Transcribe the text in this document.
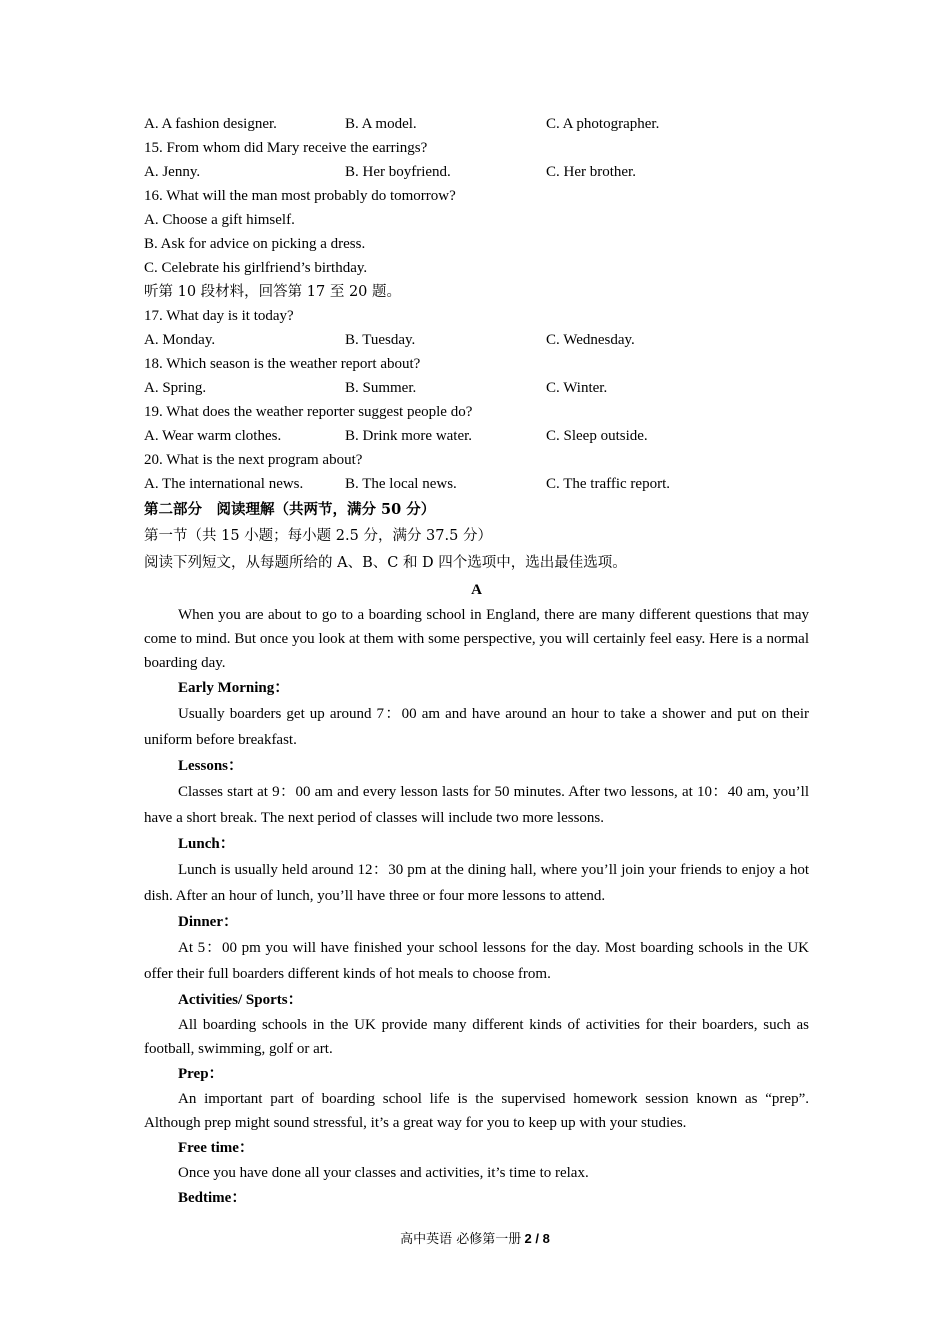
A. A fashion designer.	B. A model.	C. A photographer.
15. From whom did Mary receive the earrings?
A. Jenny.	B. Her boyfriend.	C. Her brother.
16. What will the man most probably do tomorrow?
A. Choose a gift himself.
B. Ask for advice on picking a dress.
C. Celebrate his girlfriend’s birthday.
听第 10 段材料，回答第 17 至 20 题。
17. What day is it today?
A. Monday.	B. Tuesday.	C. Wednesday.
18. Which season is the weather report about?
A. Spring.	B. Summer.	C. Winter.
19. What does the weather reporter suggest people do?
A. Wear warm clothes.	B. Drink more water.	C. Sleep outside.
20. What is the next program about?
A. The international news.	B. The local news.	C. The traffic report.
第二部分　阅读理解（共两节，满分 50 分）
第一节（共 15 小题；每小题 2.5 分，满分 37.5 分）
阅读下列短文，从每题所给的 A、B、C 和 D 四个选项中，选出最佳选项。
A

When you are about to go to a boarding school in England, there are many different questions that may come to mind. But once you look at them with some perspective, you will certainly feel easy. Here is a normal boarding day.

Early Morning：

Usually boarders get up around 7：00 am and have around an hour to take a shower and put on their uniform before breakfast.

Lessons：

Classes start at 9：00 am and every lesson lasts for 50 minutes. After two lessons, at 10：40 am, you’ll have a short break. The next period of classes will include two more lessons.

Lunch：

Lunch is usually held around 12：30 pm at the dining hall, where you’ll join your friends to enjoy a hot dish. After an hour of lunch, you’ll have three or four more lessons to attend.

Dinner：

At 5：00 pm you will have finished your school lessons for the day. Most boarding schools in the UK offer their full boarders different kinds of hot meals to choose from.

Activities/ Sports：

All boarding schools in the UK provide many different kinds of activities for their boarders, such as football, swimming, golf or art.

Prep：

An important part of boarding school life is the supervised homework session known as “prep”. Although prep might sound stressful, it’s a great way for you to keep up with your studies.

Free time：

Once you have done all your classes and activities, it’s time to relax.

Bedtime：
高中英语 必修第一册 2 / 8
